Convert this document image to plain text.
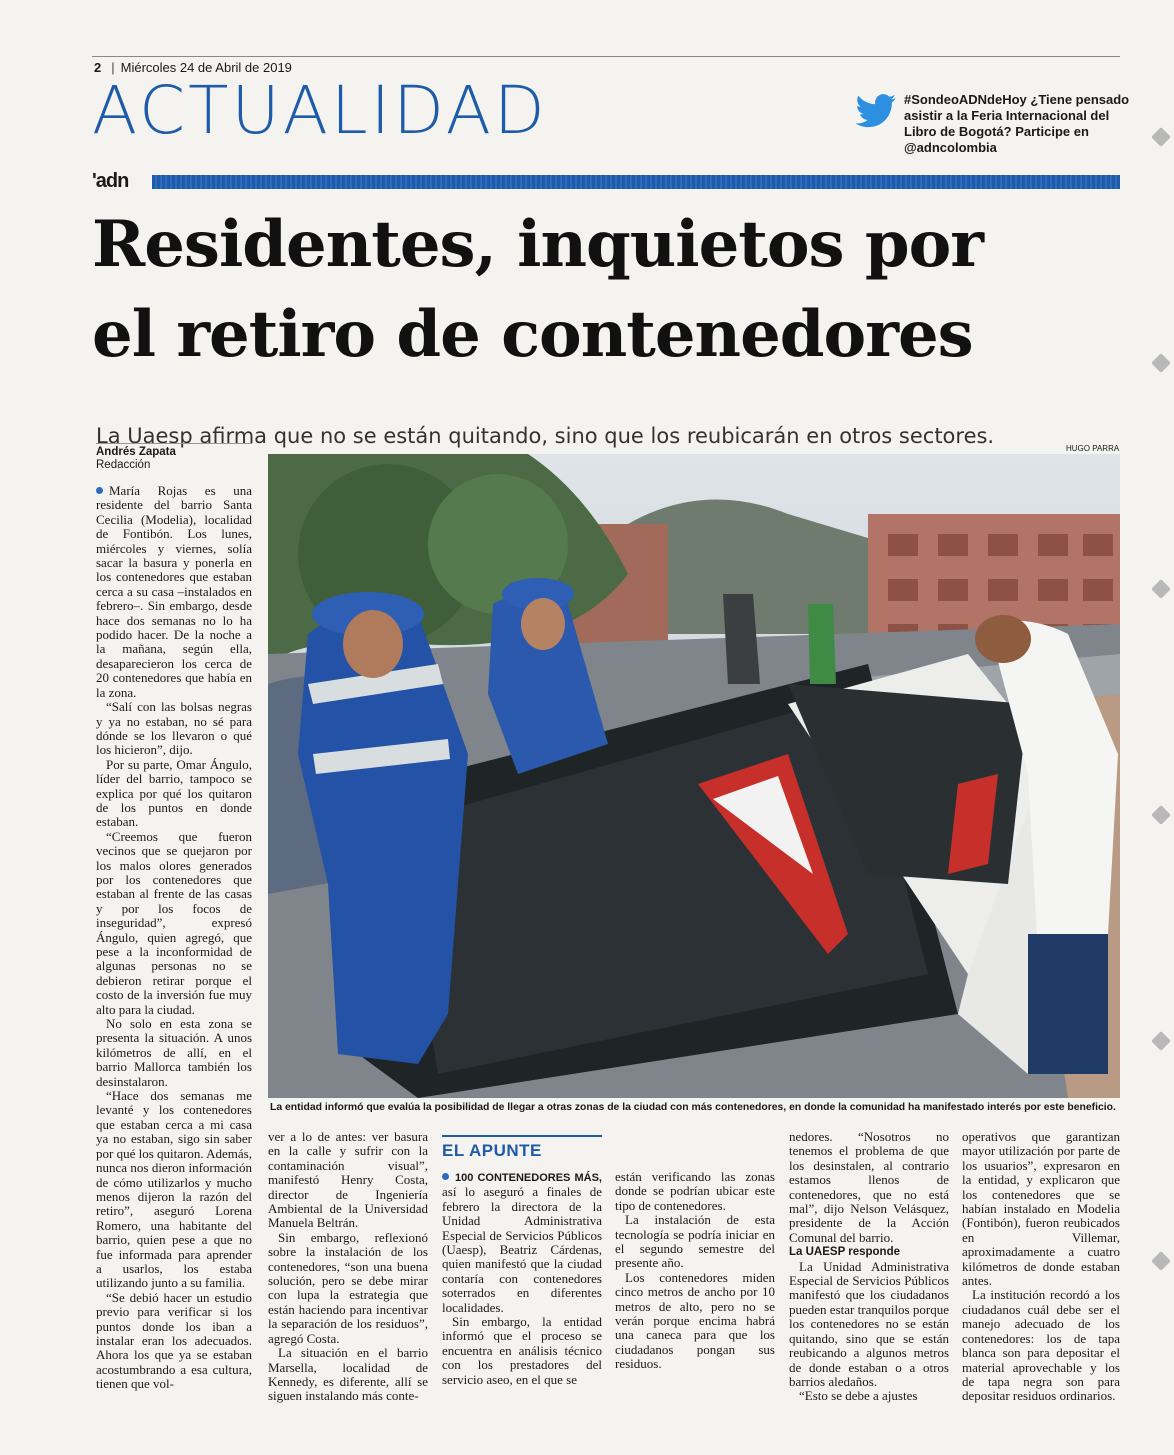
2 | Miércoles 24 de Abril de 2019
ACTUALIDAD	#SondeoADNdeHoy ¿Tiene pensado asistir a la Feria Internacional del Libro de Bogotá? Participe en @adncolombia
'adn
Residentes, inquietos por
el retiro de contenedores
La Uaesp afirma que no se están quitando, sino que los reubicarán en otros sectores.
Andrés Zapata
Redacción
HUGO PARRA
La entidad informó que evalúa la posibilidad de llegar a otras zonas de la ciudad con más contenedores, en donde la comunidad ha manifestado interés por este beneficio.

María Rojas es una residente del barrio Santa Cecilia (Modelia), localidad de Fontibón. Los lunes, miércoles y viernes, solía sacar la basura y ponerla en los contenedores que estaban cerca a su casa –instalados en febrero–. Sin embargo, desde hace dos semanas no lo ha podido hacer. De la noche a la mañana, según ella, desaparecieron los cerca de 20 contenedores que había en la zona.

“Salí con las bolsas negras y ya no estaban, no sé para dónde se los llevaron o qué los hicieron”, dijo.

Por su parte, Omar Ángulo, líder del barrio, tampoco se explica por qué los quitaron de los puntos en donde estaban.

“Creemos que fueron vecinos que se quejaron por los malos olores generados por los contenedores que estaban al frente de las casas y por los focos de inseguridad”, expresó Ángulo, quien agregó, que pese a la inconformidad de algunas personas no se debieron retirar porque el costo de la inversión fue muy alto para la ciudad.

No solo en esta zona se presenta la situación. A unos kilómetros de allí, en el barrio Mallorca también los desinstalaron.

“Hace dos semanas me levanté y los contenedores que estaban cerca a mi casa ya no estaban, sigo sin saber por qué los quitaron. Además, nunca nos dieron información de cómo utilizarlos y mucho menos dijeron la razón del retiro”, aseguró Lorena Romero, una habitante del barrio, quien pese a que no fue informada para aprender a usarlos, los estaba utilizando junto a su familia.

“Se debió hacer un estudio previo para verificar si los puntos donde los iban a instalar eran los adecuados. Ahora los que ya se estaban acostumbrando a esa cultura, tienen que vol-

ver a lo de antes: ver basura en la calle y sufrir con la contaminación visual”, manifestó Henry Costa, director de Ingeniería Ambiental de la Universidad Manuela Beltrán.

Sin embargo, reflexionó sobre la instalación de los contenedores, “son una buena solución, pero se debe mirar con lupa la estrategia que están haciendo para incentivar la separación de los residuos”, agregó Costa.

La situación en el barrio Marsella, localidad de Kennedy, es diferente, allí se siguen instalando más conte-

EL APUNTE

100 CONTENEDORES MÁS, así lo aseguró a finales de febrero la directora de la Unidad Administrativa Especial de Servicios Públicos (Uaesp), Beatriz Cárdenas, quien manifestó que la ciudad contaría con contenedores soterrados en diferentes localidades.

Sin embargo, la entidad informó que el proceso se encuentra en análisis técnico con los prestadores del servicio aseo, en el que se

están verificando las zonas donde se podrían ubicar este tipo de contenedores.

La instalación de esta tecnología se podría iniciar en el segundo semestre del presente año.

Los contenedores miden cinco metros de ancho por 10 metros de alto, pero no se verán porque encima habrá una caneca para que los ciudadanos pongan sus residuos.

nedores. “Nosotros no tenemos el problema de que los desinstalen, al contrario estamos llenos de contenedores, que no está mal”, dijo Nelson Velásquez, presidente de la Acción Comunal del barrio.

La UAESP responde

La Unidad Administrativa Especial de Servicios Públicos manifestó que los ciudadanos pueden estar tranquilos porque los contenedores no se están quitando, sino que se están reubicando a algunos metros de donde estaban o a otros barrios aledaños.

“Esto se debe a ajustes

operativos que garantizan mayor utilización por parte de los usuarios”, expresaron en la entidad, y explicaron que los contenedores que se habían instalado en Modelia (Fontibón), fueron reubicados en Villemar, aproximadamente a cuatro kilómetros de donde estaban antes.

La institución recordó a los ciudadanos cuál debe ser el manejo adecuado de los contenedores: los de tapa blanca son para depositar el material aprovechable y los de tapa negra son para depositar residuos ordinarios.
